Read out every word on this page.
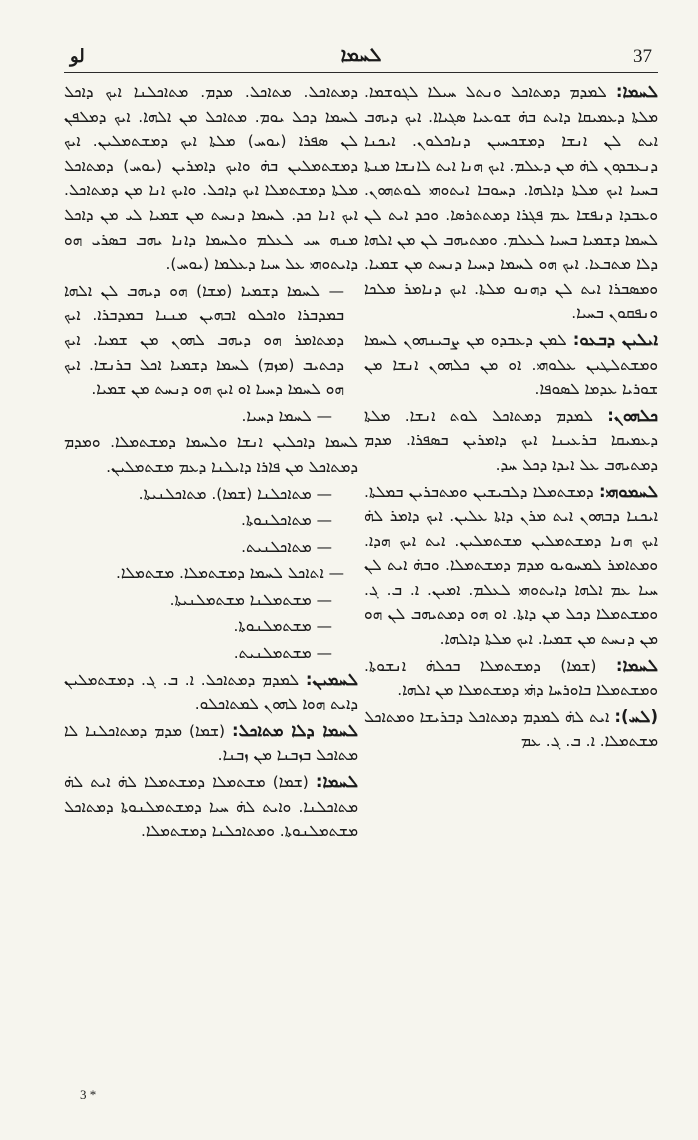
لو	ܠܚܡܐ	37

ܠܚܡܐ: ܠܡܕܡ ܕܡܬܐܟܠ ܘܢܬܠ ܚܝܠܐ ܠܓܘܫܡܐ. ܡܠܬܐ ܕܥܡܝܩܐ ܕܐܝܬ ܒܗ̇ ܫܘܥܝܐ ܣܓܝܐܐ. ܐܝܟ ܕܝܗܒ ܐܝܬ ܠܢ ܐܢܫܐ ܕܡܫܟܚܝܢ ܕܢܐܟܠܘܢ. ܐܝܟܢܐ ܕܢܥܒܕܘܢ ܠܗ̇ ܡܢ ܕܥܠܡ. ܐܝܟ ܗܢܐ ܐܝܬ ܠܐܢܫܐ ܡܢܬܐ ܒܚܝܐ ܐܝܟ ܡܠܬܐ ܕܐܠܗܐ. ܕܚܘܒܐ ܐܝܬܘܗܝ ܠܘܬܗܘܢ. ܘܥܒܕܐ ܕܢܦܫܐ ܥܡ ܦܓܪܐ ܕܡܬܬܪܣܐ. ܘܟܕ ܐܝܬ ܠܢ ܠܚܡܐ ܕܫܡܝܐ ܒܚܝܐ ܠܥܠܡ. ܘܡܬܝܗܒ ܠܢ ܡܢ ܐܠܗܐ ܕܠܐ ܡܬܒܥܐ. ܐܝܟ ܗܘ ܠܚܡܐ ܕܚܝܐ ܕܢܚܬ ܡܢ ܫܡܝܐ. ܘܡܣܒܪܐ ܐܝܬ ܠܢ ܕܗܢܘ ܡܠܬܐ. ܐܝܟ ܕܢܐܡܪ ܡܠܟܐ ܘܢܦܩܘܢ ܒܚܝܐ.

ܐܝܠܝܢ ܕܒܥܘ: ܠܡܢ ܕܥܒܕܘ ܡܢ ܨܒܝܢܗܘܢ ܠܚܡܐ ܘܡܫܬܠܛܝܢ ܥܠܘܗܝ. ܐܘ ܡܢ ܟܠܗܘܢ ܐܢܫܐ ܡܢ ܫܘܪܝܐ ܥܕܡܐ ܠܣܘܦܐ.

ܟܠܗܘܢ: ܠܡܕܡ ܕܡܬܐܟܠ ܠܘܬ ܐܢܫܐ. ܡܠܬܐ ܕܥܡܝܩܐ ܒܪܥܝܢܐ ܐܝܟ ܕܐܡܪܝܢ ܒܣܦܪܐ. ܡܕܡ ܕܡܬܝܗܒ ܥܠ ܐܝܕܐ ܕܟܠ ܚܕ.

ܠܚܡܘܗܝ: ܕܡܫܬܡܠܐ ܕܠܒܝܫܝܢ ܘܡܬܒܪܝܢ ܒܡܠܬܐ. ܐܝܟܢܐ ܕܒܗܘܢ ܐܝܬ ܡܪܢ ܕܐܬܐ ܥܠܝܢ. ܐܝܟ ܕܐܡܪ ܠܗ̇ ܐܝܟ ܗܢܐ ܕܡܫܬܡܠܝܢ ܡܫܬܡܠܝܢ. ܐܝܬ ܐܝܟ ܗܕܐ. ܘܡܬܐܡܪ ܠܡܚܘܝܘ ܡܕܡ ܕܡܫܬܡܠܐ. ܘܒܗ̇ ܐܝܬ ܠܢ ܚܝܐ ܥܡ ܐܠܗܐ ܕܐܝܬܘܗܝ ܠܥܠܡ. ܐܡܝܢ. ܐ. ܒ. ܓ. ܘܡܫܬܡܠܐ ܕܟܠ ܡܢ ܕܐܬܐ. ܐܘ ܗܘ ܕܡܬܝܗܒ ܠܢ ܗܘ ܡܢ ܕܢܚܬ ܡܢ ܫܡܝܐ. ܐܝܟ ܡܠܬܐ ܕܐܠܗܐ.

ܠܚܡܐ: (ܫܡܐ) ܕܡܫܬܡܠܐ ܒܟܠܗ̇ ܐܢܫܘܬܐ. ܘܡܫܬܡܠܐ ܒܐܘܪܚܐ ܕܗ̇ܝ ܕܡܫܬܡܠܐ ܡܢ ܐܠܗܐ.

(ܠܚ): ܐܝܬ ܠܗ̇ ܠܡܕܡ ܕܡܬܐܟܠ ܕܒܪܝܫܐ ܘܡܬܐܟܠ ܡܫܬܡܠܐ. ܐ. ܒ. ܓ. ܥܡ

ܕܡܬܐܟܠ. ܡܬܐܟܠ. ܡܕܡ. ܡܬܐܟܠܢܐ ܐܝܟ ܕܐܟܠ ܠܚܡܐ ܕܟܠ ܝܘܡ. ܡܬܐܟܠ ܡܢ ܐܠܗܐ. ܐܝܟ ܕܡܠܦܢ ܠܢ ܣܦܪܐ (ܝܘܚ) ܡܠܬܐ ܐܝܟ ܕܡܫܬܡܠܝܢ. ܐܝܟ ܕܡܫܬܡܠܝܢ ܒܗ̇ ܘܐܝܟ ܕܐܡܪܝܢ (ܝܘܚ) ܕܡܬܐܟܠ ܡܠܬܐ ܕܡܫܬܡܠܐ ܐܝܟ ܕܐܟܠ. ܘܐܝܟ ܐܢܐ ܡܢ ܕܡܬܐܟܠ. ܐܝܟ ܐܢܐ ܟܕ. ܠܚܡܐ ܕܢܚܬ ܡܢ ܫܡܝܐ ܠܝ ܡܢ ܕܐܟܠ ܡܢܗ ܚܝ ܠܥܠܡ ܘܠܚܡܐ ܕܐܢܐ ܝܗܒ ܒܣܪܝ ܗܘ ܕܐܝܬܘܗܝ ܥܠ ܚܝܐ ܕܥܠܡܐ (ܝܘܚ).

— ܠܚܡܐ ܕܫܡܝܐ (ܡܫܐ) ܗܘ ܕܝܗܒ ܠܢ ܐܠܗܐ ܒܡܕܒܪܐ ܘܐܟܠܘ ܐܒܗܝܢ ܡܢܢܐ ܒܡܕܒܪܐ. ܐܝܟ ܕܡܬܐܡܪ ܗܘ ܕܝܗܒ ܠܗܘܢ ܡܢ ܫܡܝܐ. ܐܝܟ ܕܟܬܝܒ (ܡܙܡ) ܠܚܡܐ ܕܫܡܝܐ ܐܟܠ ܒܪܢܫܐ. ܐܝܟ ܗܘ ܠܚܡܐ ܕܚܝܐ ܐܘ ܐܝܟ ܗܘ ܕܢܚܬ ܡܢ ܫܡܝܐ.

— ܠܚܡܐ ܕܚܝܐ.

ܠܚܡܐ ܕܐܟܠܝܢ ܐܢܫܐ ܘܠܚܡܐ ܕܡܫܬܡܠܐ. ܘܡܕܡ ܕܡܬܐܟܠ ܡܢ ܦܐܪܐ ܕܐܝܠܢܐ ܕܥܡ ܡܫܬܡܠܝܢ.

— ܡܬܐܟܠܢܐ (ܫܡܐ). ܡܬܐܟܠܢܝܬܐ.

— ܡܬܐܟܠܢܘܬܐ.

— ܡܬܐܟܠܢܝܬ.

— ܐܬܐܟܠ ܠܚܡܐ ܕܡܫܬܡܠܐ. ܡܫܬܡܠܐ.

— ܡܫܬܡܠܢܐ ܡܫܬܡܠܢܝܬܐ.

— ܡܫܬܡܠܢܘܬܐ.

— ܡܫܬܡܠܢܝܬ.

ܠܚܡܝܢ: ܠܡܕܡ ܕܡܬܐܟܠ. ܐ. ܒ. ܓ. ܕܡܫܬܡܠܝܢ ܕܐܝܬ ܗܘܐ ܠܗܘܢ ܠܡܬܐܟܠܘ.

ܠܚܡܐ ܕܠܐ ܡܬܐܟܠ: (ܫܡܐ) ܡܕܡ ܕܡܬܐܟܠܢܐ ܠܐ ܡܬܐܟܠ ܒܙܒܢܐ ܡܢ ܙܒܢܐ.

ܠܚܡܐ: (ܫܡܐ) ܡܫܬܡܠܐ ܕܡܫܬܡܠܐ ܠܗ̇ ܐܝܬ ܠܗ̇ ܡܬܐܟܠܢܐ. ܘܐܝܬ ܠܗ̇ ܚܝܐ ܕܡܫܬܡܠܢܘܬܐ ܕܡܬܐܟܠ ܡܫܬܡܠܢܘܬܐ. ܘܡܬܐܟܠܢܐ ܕܡܫܬܡܠܐ.

3 *
